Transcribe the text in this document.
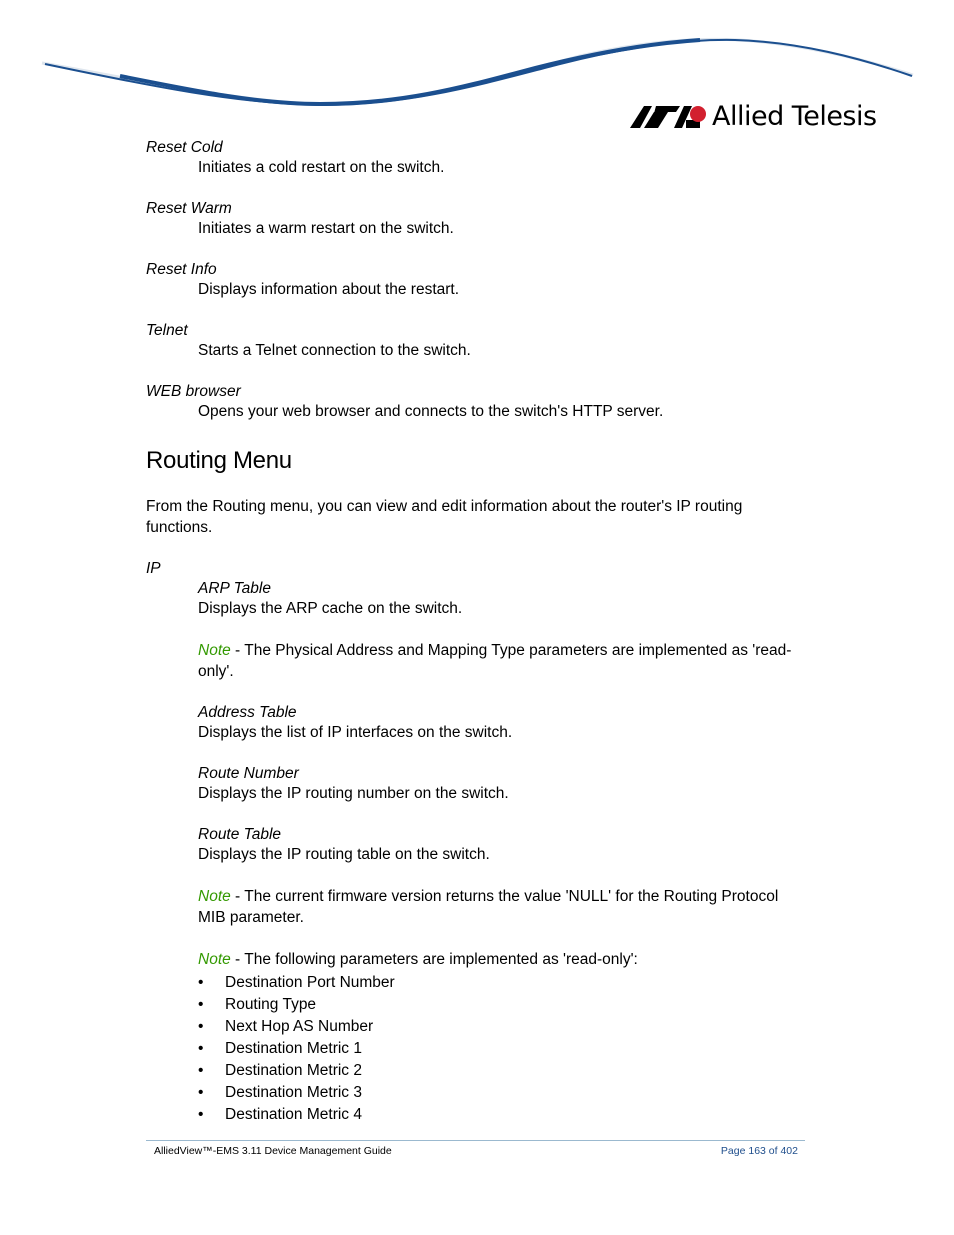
Allied Telesis
Reset Cold
Initiates a cold restart on the switch.
Reset Warm
Initiates a warm restart on the switch.
Reset Info
Displays information about the restart.
Telnet
Starts a Telnet connection to the switch.
WEB browser
Opens your web browser and connects to the switch's HTTP server.
Routing Menu
From the Routing menu, you can view and edit information about the router's IP routing functions.
IP
ARP Table
Displays the ARP cache on the switch.
Note - The Physical Address and Mapping Type parameters are implemented as 'read-only'.
Address Table
Displays the list of IP interfaces on the switch.
Route Number
Displays the IP routing number on the switch.
Route Table
Displays the IP routing table on the switch.
Note - The current firmware version returns the value 'NULL' for the Routing Protocol MIB parameter.
Note - The following parameters are implemented as 'read-only':
• Destination Port Number
• Routing Type
• Next Hop AS Number
• Destination Metric 1
• Destination Metric 2
• Destination Metric 3
• Destination Metric 4
AlliedView™-EMS 3.11 Device Management Guide	Page 163 of 402
